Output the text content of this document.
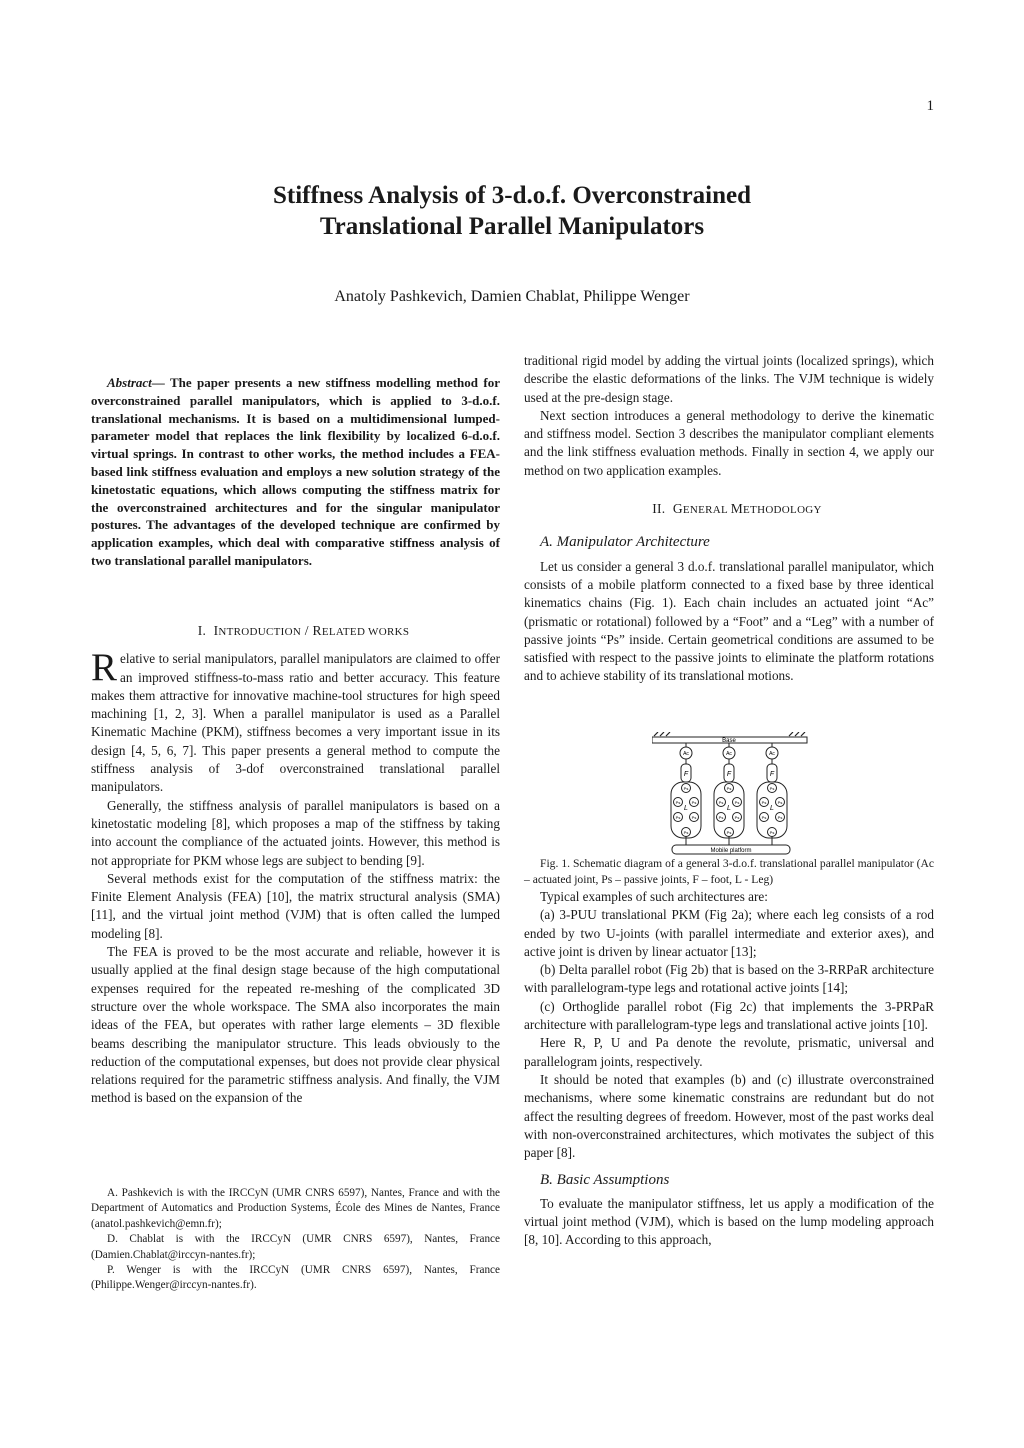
1
Stiffness Analysis of 3-d.o.f. Overconstrained
Translational Parallel Manipulators
Anatoly Pashkevich, Damien Chablat, Philippe Wenger
Abstract— The paper presents a new stiffness modelling method for overconstrained parallel manipulators, which is applied to 3-d.o.f. translational mechanisms. It is based on a multidimensional lumped-parameter model that replaces the link flexibility by localized 6-d.o.f. virtual springs. In contrast to other works, the method includes a FEA-based link stiffness evaluation and employs a new solution strategy of the kinetostatic equations, which allows computing the stiffness matrix for the overconstrained architectures and for the singular manipulator postures. The advantages of the developed technique are confirmed by application examples, which deal with comparative stiffness analysis of two translational parallel manipulators.

I. INTRODUCTION / RELATED WORKS

Relative to serial manipulators, parallel manipulators are claimed to offer an improved stiffness-to-mass ratio and better accuracy. This feature makes them attractive for innovative machine-tool structures for high speed machining [1, 2, 3]. When a parallel manipulator is used as a Parallel Kinematic Machine (PKM), stiffness becomes a very important issue in its design [4, 5, 6, 7]. This paper presents a general method to compute the stiffness analysis of 3-dof overconstrained translational parallel manipulators.

Generally, the stiffness analysis of parallel manipulators is based on a kinetostatic modeling [8], which proposes a map of the stiffness by taking into account the compliance of the actuated joints. However, this method is not appropriate for PKM whose legs are subject to bending [9].

Several methods exist for the computation of the stiffness matrix: the Finite Element Analysis (FEA) [10], the matrix structural analysis (SMA) [11], and the virtual joint method (VJM) that is often called the lumped modeling [8].

The FEA is proved to be the most accurate and reliable, however it is usually applied at the final design stage because of the high computational expenses required for the repeated re-meshing of the complicated 3D structure over the whole workspace. The SMA also incorporates the main ideas of the FEA, but operates with rather large elements – 3D flexible beams describing the manipulator structure. This leads obviously to the reduction of the computational expenses, but does not provide clear physical relations required for the parametric stiffness analysis. And finally, the VJM method is based on the expansion of the

A. Pashkevich is with the IRCCyN (UMR CNRS 6597), Nantes, France and with the Department of Automatics and Production Systems, École des Mines de Nantes, France (anatol.pashkevich@emn.fr);

D. Chablat is with the IRCCyN (UMR CNRS 6597), Nantes, France (Damien.Chablat@irccyn-nantes.fr);

P. Wenger is with the IRCCyN (UMR CNRS 6597), Nantes, France (Philippe.Wenger@irccyn-nantes.fr).

traditional rigid model by adding the virtual joints (localized springs), which describe the elastic deformations of the links. The VJM technique is widely used at the pre-design stage.

Next section introduces a general methodology to derive the kinematic and stiffness model. Section 3 describes the manipulator compliant elements and the link stiffness evaluation methods. Finally in section 4, we apply our method on two application examples.

II. GENERAL METHODOLOGY

A. Manipulator Architecture

Let us consider a general 3 d.o.f. translational parallel manipulator, which consists of a mobile platform connected to a fixed base by three identical kinematics chains (Fig. 1). Each chain includes an actuated joint “Ac” (prismatic or rotational) followed by a “Foot” and a “Leg” with a number of passive joints “Ps” inside. Certain geometrical conditions are assumed to be satisfied with respect to the passive joints to eliminate the platform rotations and to achieve stability of its translational motions.

Base
Ac
F
Ps
Ps	Ps
L
Ps	Ps
Ps
Ac
F
Ps
Ps	Ps
L
Ps	Ps
Ps
Ac
F
Ps
Ps	Ps
L
Ps	Ps
Ps
Mobile platform

Fig. 1. Schematic diagram of a general 3-d.o.f. translational parallel manipulator (Ac – actuated joint, Ps – passive joints, F – foot, L - Leg)

Typical examples of such architectures are:

(a) 3-PUU translational PKM (Fig 2a); where each leg consists of a rod ended by two U-joints (with parallel intermediate and exterior axes), and active joint is driven by linear actuator [13];

(b) Delta parallel robot (Fig 2b) that is based on the 3-RRPaR architecture with parallelogram-type legs and rotational active joints [14];

(c) Orthoglide parallel robot (Fig 2c) that implements the 3-PRPaR architecture with parallelogram-type legs and translational active joints [10].

Here R, P, U and Pa denote the revolute, prismatic, universal and parallelogram joints, respectively.

It should be noted that examples (b) and (c) illustrate overconstrained mechanisms, where some kinematic constrains are redundant but do not affect the resulting degrees of freedom. However, most of the past works deal with non-overconstrained architectures, which motivates the subject of this paper [8].

B. Basic Assumptions

To evaluate the manipulator stiffness, let us apply a modification of the virtual joint method (VJM), which is based on the lump modeling approach [8, 10]. According to this approach,
